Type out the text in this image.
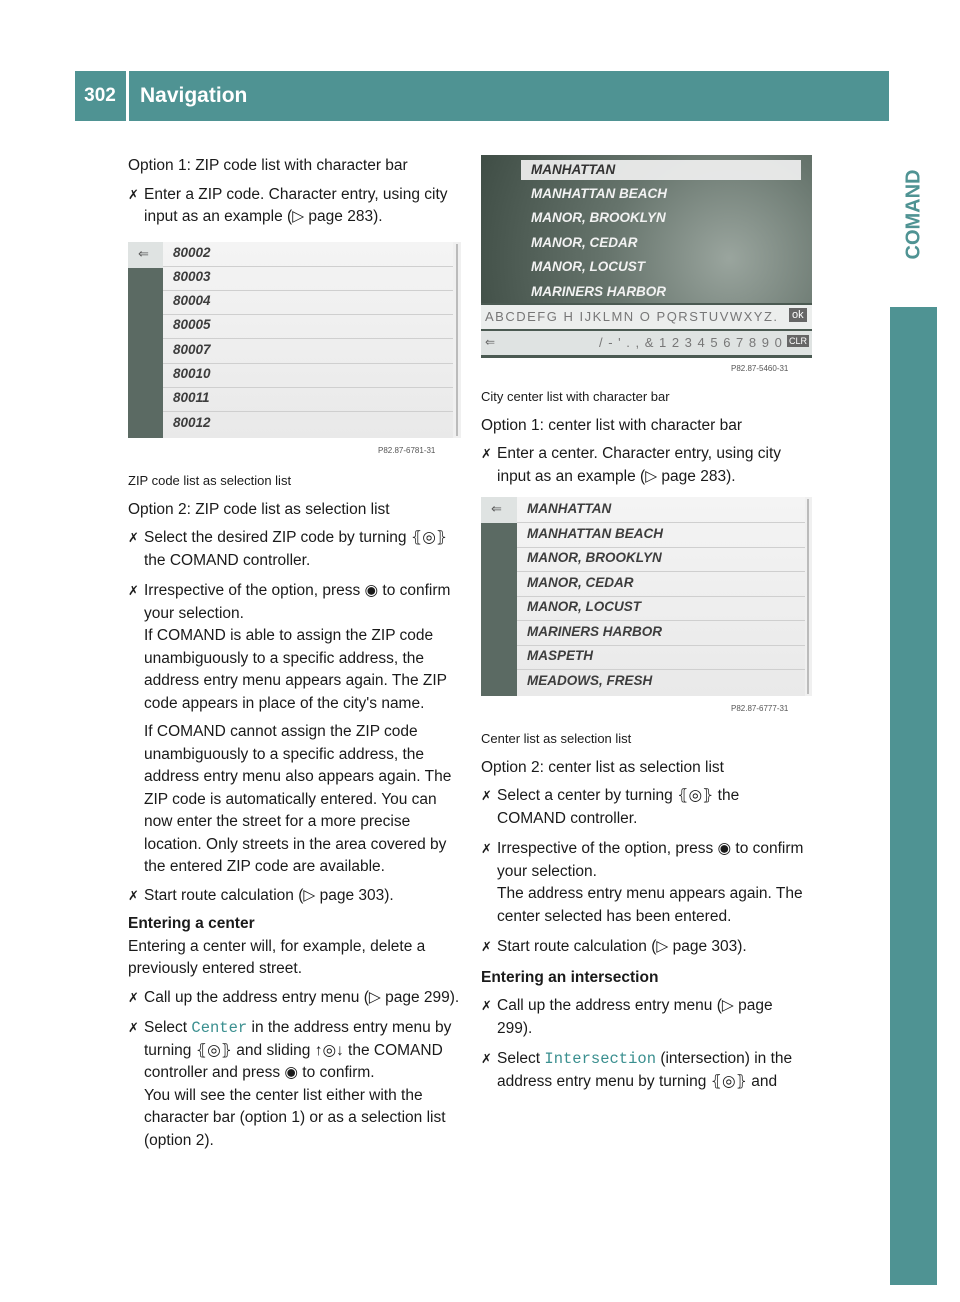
302	Navigation
COMAND

Option 1: ZIP code list with character bar

✗ Enter a ZIP code. Character entry, using city input as an example (▷ page 283).

⇐ 80002
80003
80004
80005
80007
80010
80011
80012
P82.87-6781-31

ZIP code list as selection list

Option 2: ZIP code list as selection list

✗ Select the desired ZIP code by turning ⦃◎⦄ the COMAND controller.

✗ Irrespective of the option, press ◉ to confirm your selection.

If COMAND is able to assign the ZIP code unambiguously to a specific address, the address entry menu appears again. The ZIP code appears in place of the city's name.

If COMAND cannot assign the ZIP code unambiguously to a specific address, the address entry menu also appears again. The ZIP code is automatically entered. You can now enter the street for a more precise location. Only streets in the area covered by the entered ZIP code are available.

✗ Start route calculation (▷ page 303).

Entering a center

Entering a center will, for example, delete a previously entered street.

✗ Call up the address entry menu (▷ page 299).

✗ Select Center in the address entry menu by turning ⦃◎⦄ and sliding ↑◎↓ the COMAND controller and press ◉ to confirm.

You will see the center list either with the character bar (option 1) or as a selection list (option 2).

MANHATTAN
MANHATTAN BEACH
MANOR, BROOKLYN
MANOR, CEDAR
MANOR, LOCUST
MARINERS HARBOR
ABCDEFG H IJKLMN O PQRSTUVWXYZ. ok
⇐	/ - ' . , & 1 2 3 4 5 6 7 8 9 0 CLR
P82.87-5460-31

City center list with character bar

Option 1: center list with character bar

✗ Enter a center. Character entry, using city input as an example (▷ page 283).

⇐ MANHATTAN
MANHATTAN BEACH
MANOR, BROOKLYN
MANOR, CEDAR
MANOR, LOCUST
MARINERS HARBOR
MASPETH
MEADOWS, FRESH
P82.87-6777-31

Center list as selection list

Option 2: center list as selection list

✗ Select a center by turning ⦃◎⦄ the COMAND controller.

✗ Irrespective of the option, press ◉ to confirm your selection.

The address entry menu appears again. The center selected has been entered.

✗ Start route calculation (▷ page 303).

Entering an intersection

✗ Call up the address entry menu (▷ page 299).

✗ Select Intersection (intersection) in the address entry menu by turning ⦃◎⦄ and
